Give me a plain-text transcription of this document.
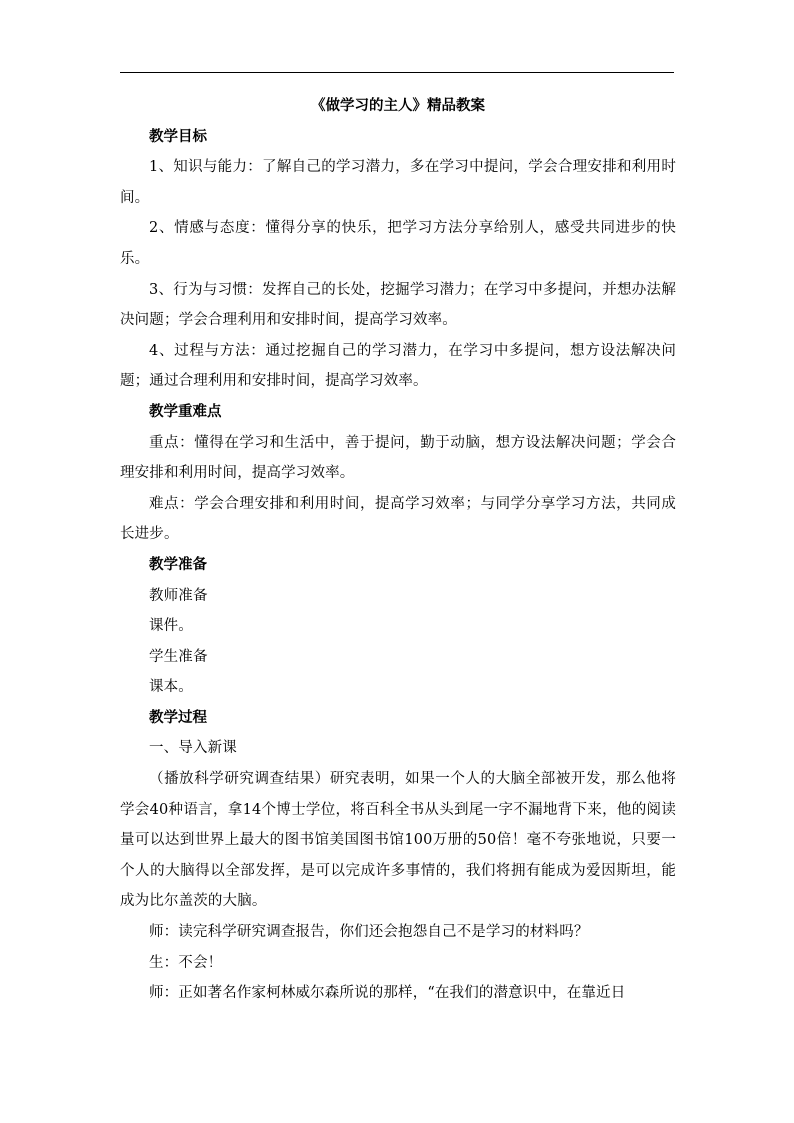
《做学习的主人》精品教案

教学目标

1、知识与能力：了解自己的学习潜力，多在学习中提问，学会合理安排和利用时间。

2、情感与态度：懂得分享的快乐，把学习方法分享给别人，感受共同进步的快乐。

3、行为与习惯：发挥自己的长处，挖掘学习潜力；在学习中多提问，并想办法解决问题；学会合理利用和安排时间，提高学习效率。

4、过程与方法：通过挖掘自己的学习潜力，在学习中多提问，想方设法解决问题；通过合理利用和安排时间，提高学习效率。

教学重难点

重点：懂得在学习和生活中，善于提问，勤于动脑，想方设法解决问题；学会合理安排和利用时间，提高学习效率。

难点：学会合理安排和利用时间，提高学习效率；与同学分享学习方法，共同成长进步。

教学准备

教师准备

课件。

学生准备

课本。

教学过程

一、导入新课

（播放科学研究调查结果）研究表明，如果一个人的大脑全部被开发，那么他将学会40种语言，拿14个博士学位，将百科全书从头到尾一字不漏地背下来，他的阅读量可以达到世界上最大的图书馆美国图书馆100万册的50倍！毫不夸张地说，只要一个人的大脑得以全部发挥，是可以完成许多事情的，我们将拥有能成为爱因斯坦，能成为比尔盖茨的大脑。

师：读完科学研究调查报告，你们还会抱怨自己不是学习的材料吗？

生：不会！

师：正如著名作家柯林威尔森所说的那样，“在我们的潜意识中，在靠近日
